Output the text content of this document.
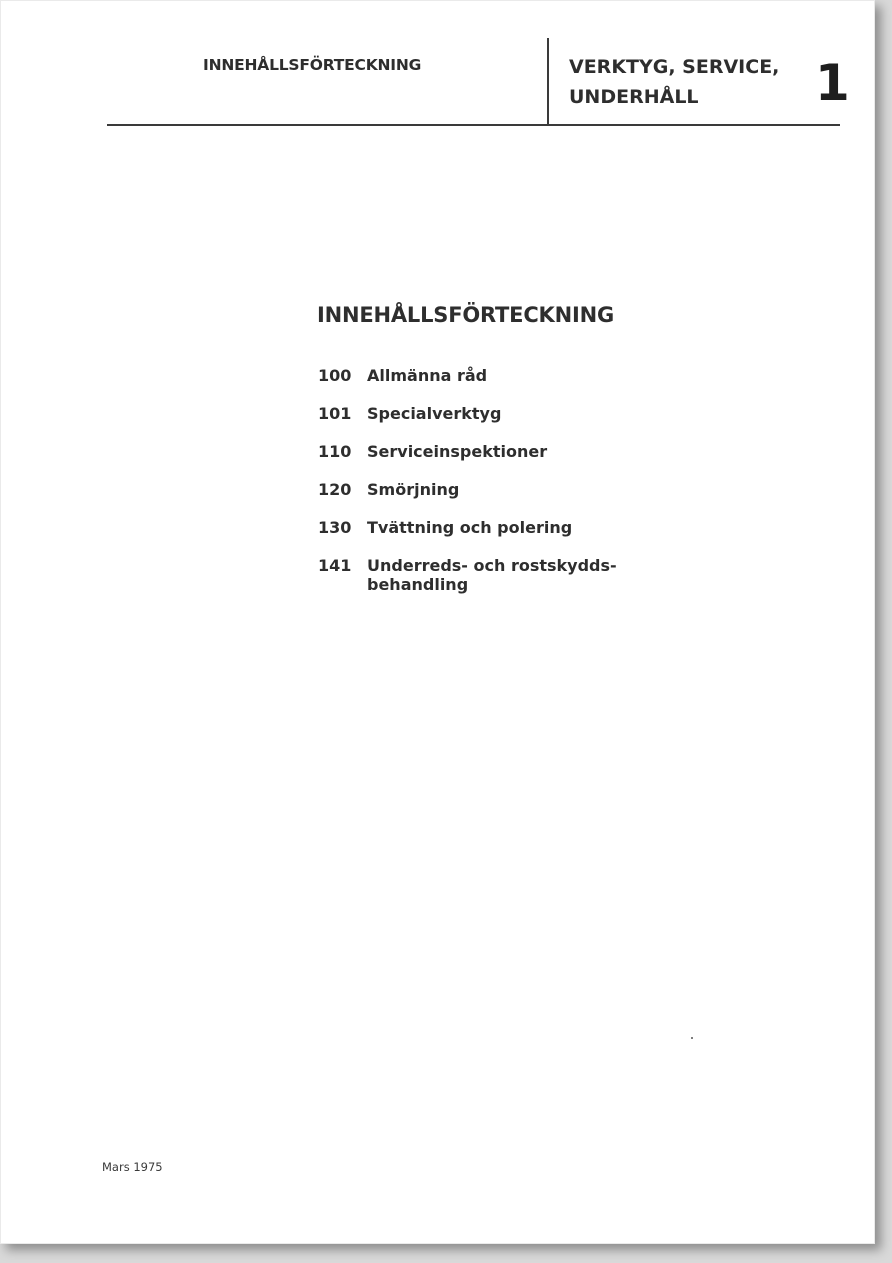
INNEHÅLLSFÖRTECKNING	VERKTYG, SERVICE,
UNDERHÅLL	1
INNEHÅLLSFÖRTECKNING
100 Allmänna råd
101 Specialverktyg
110 Serviceinspektioner
120 Smörjning
130 Tvättning och polering
141 Underreds- och rostskydds-
behandling
Mars 1975
